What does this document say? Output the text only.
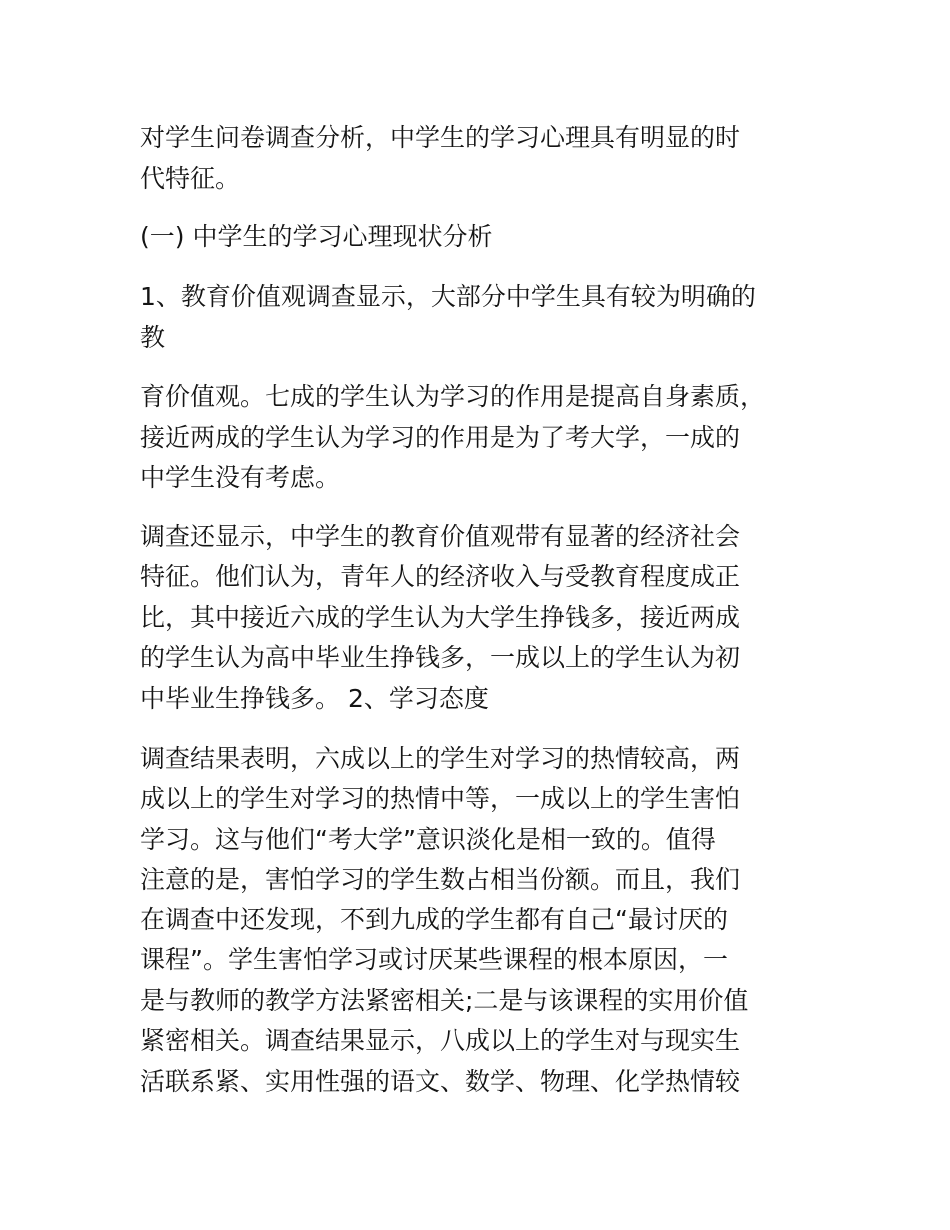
对学生问卷调查分析，中学生的学习心理具有明显的时
代特征。
(一) 中学生的学习心理现状分析
1、教育价值观调查显示，大部分中学生具有较为明确的
教
育价值观。七成的学生认为学习的作用是提高自身素质，
接近两成的学生认为学习的作用是为了考大学，一成的
中学生没有考虑。
调查还显示，中学生的教育价值观带有显著的经济社会
特征。他们认为，青年人的经济收入与受教育程度成正
比，其中接近六成的学生认为大学生挣钱多，接近两成
的学生认为高中毕业生挣钱多，一成以上的学生认为初
中毕业生挣钱多。 2、学习态度
调查结果表明，六成以上的学生对学习的热情较高，两
成以上的学生对学习的热情中等，一成以上的学生害怕
学习。这与他们“考大学”意识淡化是相一致的。值得
注意的是，害怕学习的学生数占相当份额。而且，我们
在调查中还发现，不到九成的学生都有自己“最讨厌的
课程”。学生害怕学习或讨厌某些课程的根本原因，一
是与教师的教学方法紧密相关;二是与该课程的实用价值
紧密相关。调查结果显示，八成以上的学生对与现实生
活联系紧、实用性强的语文、数学、物理、化学热情较
